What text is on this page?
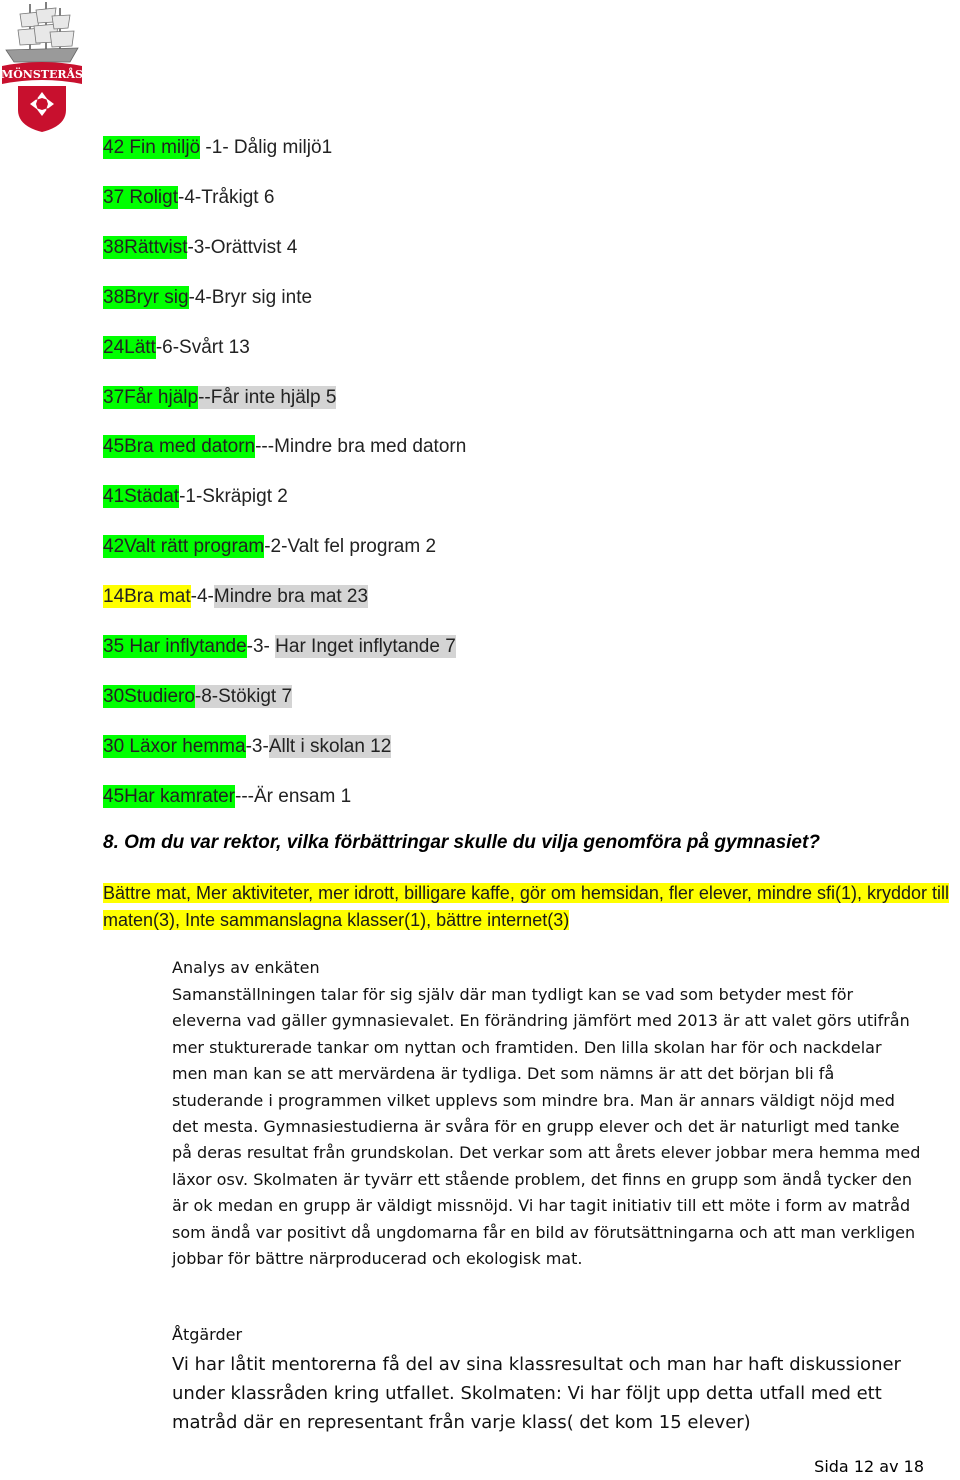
MÖNSTERÅS
42 Fin miljö -1- Dålig miljö1
37 Roligt-4-Tråkigt 6
38Rättvist-3-Orättvist 4
38Bryr sig-4-Bryr sig inte
24Lätt-6-Svårt 13
37Får hjälp--Får inte hjälp 5
45Bra med datorn---Mindre bra med datorn
41Städat-1-Skräpigt 2
42Valt rätt program-2-Valt fel program 2
14Bra mat-4-Mindre bra mat 23
35 Har inflytande-3- Har Inget inflytande 7
30Studiero-8-Stökigt 7
30 Läxor hemma-3-Allt i skolan 12
45Har kamrater---Är ensam 1
8. Om du var rektor, vilka förbättringar skulle du vilja genomföra på gymnasiet?
Bättre mat, Mer aktiviteter, mer idrott, billigare kaffe, gör om hemsidan, fler elever, mindre sfi(1), kryddor till maten(3), Inte sammanslagna klasser(1), bättre internet(3)
Analys av enkäten
Samanställningen talar för sig själv där man tydligt kan se vad som betyder mest för eleverna vad gäller gymnasievalet. En förändring jämfört med 2013 är att valet görs utifrån mer stukturerade tankar om nyttan och framtiden. Den lilla skolan har för och nackdelar men man kan se att mervärdena är tydliga. Det som nämns är att det början bli få studerande i programmen vilket upplevs som mindre bra. Man är annars väldigt nöjd med det mesta. Gymnasiestudierna är svåra för en grupp elever och det är naturligt med tanke på deras resultat från grundskolan. Det verkar som att årets elever jobbar mera hemma med läxor osv. Skolmaten är tyvärr ett stående problem, det finns en grupp som ändå tycker den är ok medan en grupp är väldigt missnöjd. Vi har tagit initiativ till ett möte i form av matråd som ändå var positivt då ungdomarna får en bild av förutsättningarna och att man verkligen jobbar för bättre närproducerad och ekologisk mat.
Åtgärder
Vi har låtit mentorerna få del av sina klassresultat och man har haft diskussioner under klassråden kring utfallet. Skolmaten: Vi har följt upp detta utfall med ett matråd där en representant från varje klass( det kom 15 elever)
Sida 12 av 18
